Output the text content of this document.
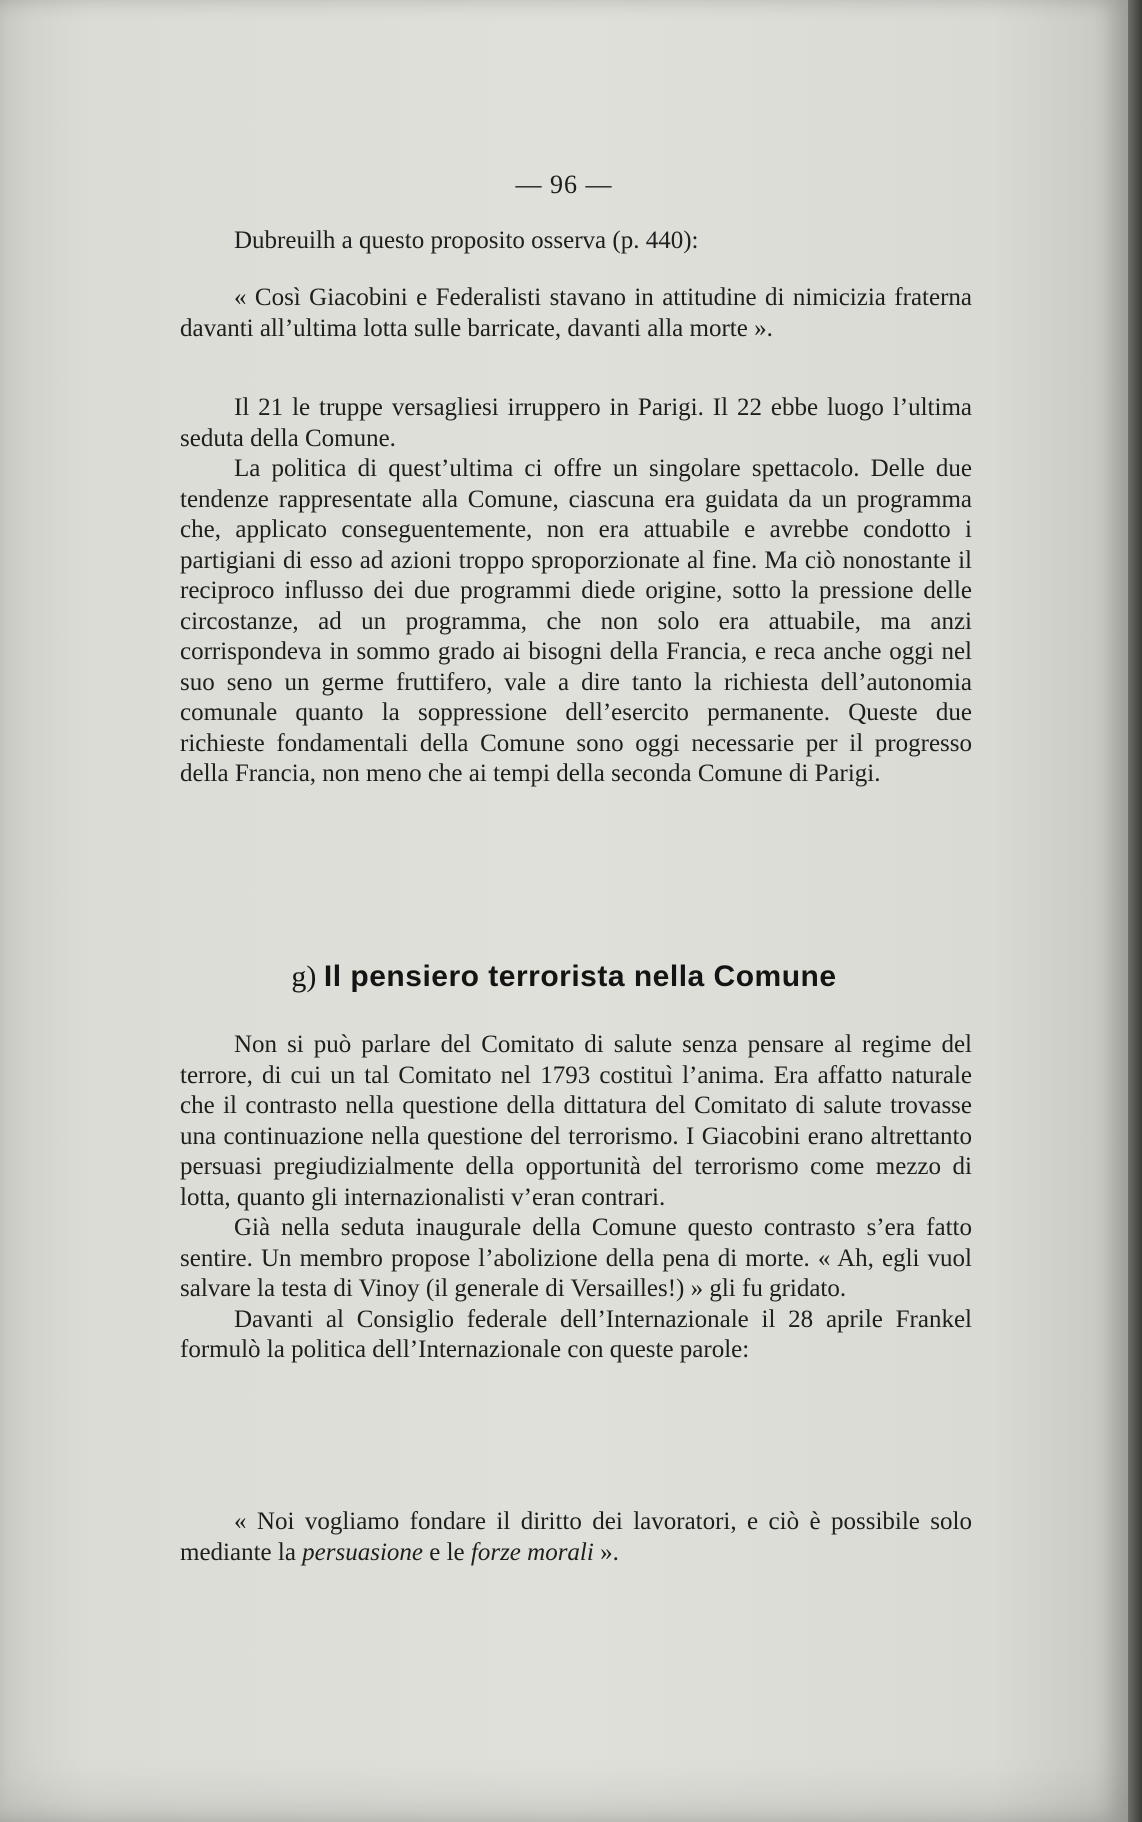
— 96 —

Dubreuilh a questo proposito osserva (p. 440):

« Così Giacobini e Federalisti stavano in attitudine di nimicizia fraterna davanti all’ultima lotta sulle barricate, davanti alla morte ».

Il 21 le truppe versagliesi irruppero in Parigi. Il 22 ebbe luogo l’ultima seduta della Comune.

La politica di quest’ultima ci offre un singolare spettacolo. Delle due tendenze rappresentate alla Comune, ciascuna era guidata da un programma che, applicato conseguentemente, non era attuabile e avrebbe condotto i partigiani di esso ad azioni troppo sproporzionate al fine. Ma ciò nonostante il reciproco influsso dei due programmi diede origine, sotto la pressione delle circostanze, ad un programma, che non solo era attuabile, ma anzi corrispondeva in sommo grado ai bisogni della Francia, e reca anche oggi nel suo seno un germe fruttifero, vale a dire tanto la richiesta dell’autonomia comunale quanto la soppressione dell’esercito permanente. Queste due richieste fondamentali della Comune sono oggi necessarie per il progresso della Francia, non meno che ai tempi della seconda Comune di Parigi.

g) Il pensiero terrorista nella Comune

Non si può parlare del Comitato di salute senza pensare al regime del terrore, di cui un tal Comitato nel 1793 costituì l’anima. Era affatto naturale che il contrasto nella questione della dittatura del Comitato di salute trovasse una continuazione nella questione del terrorismo. I Giacobini erano altrettanto persuasi pregiudizialmente della opportunità del terrorismo come mezzo di lotta, quanto gli internazionalisti v’eran contrari.

Già nella seduta inaugurale della Comune questo contrasto s’era fatto sentire. Un membro propose l’abolizione della pena di morte. « Ah, egli vuol salvare la testa di Vinoy (il generale di Versailles!) » gli fu gridato.

Davanti al Consiglio federale dell’Internazionale il 28 aprile Frankel formulò la politica dell’Internazionale con queste parole:

« Noi vogliamo fondare il diritto dei lavoratori, e ciò è possibile solo mediante la persuasione e le forze morali ».
